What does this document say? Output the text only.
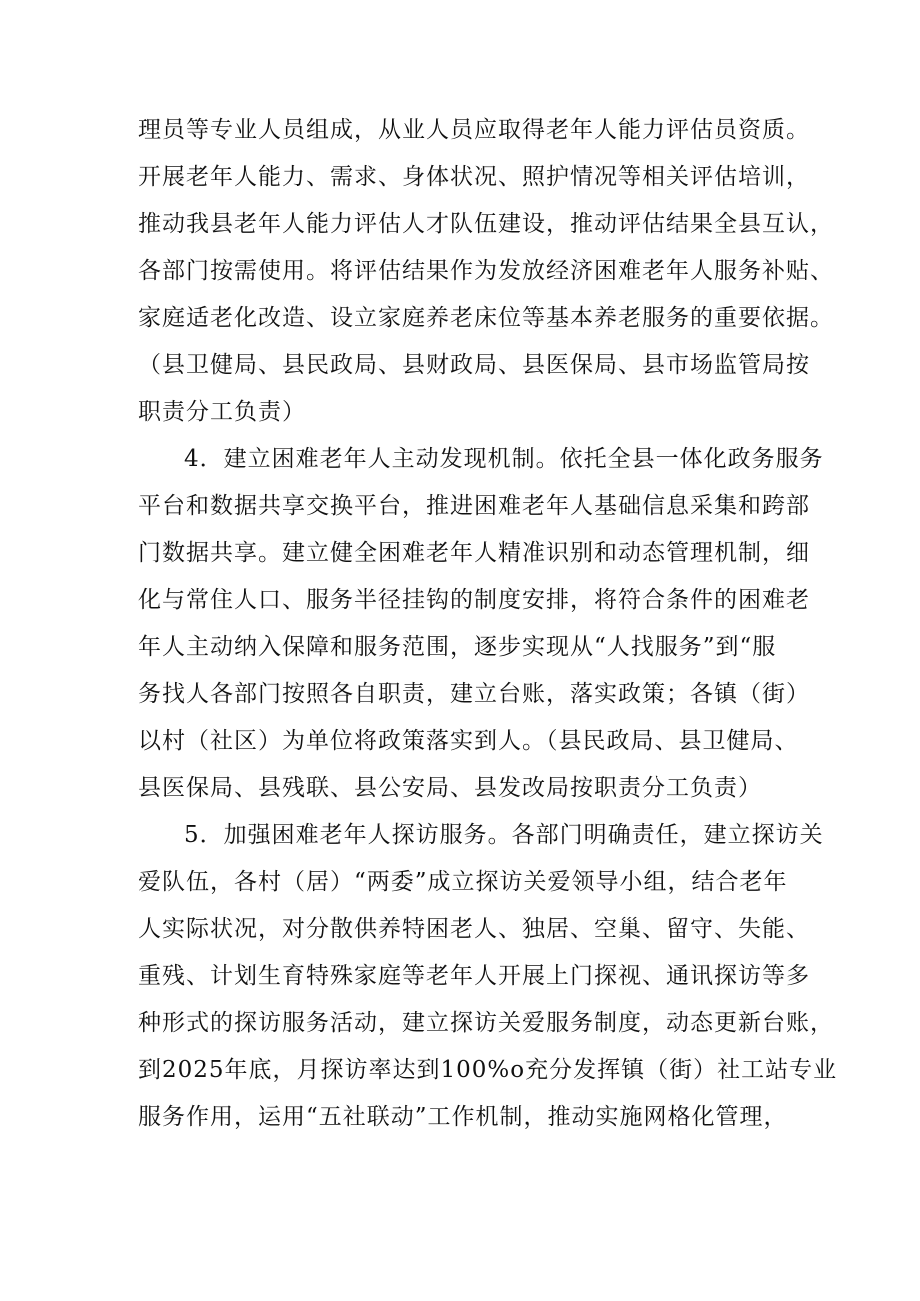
理员等专业人员组成，从业人员应取得老年人能力评估员资质。
开展老年人能力、需求、身体状况、照护情况等相关评估培训，
推动我县老年人能力评估人才队伍建设，推动评估结果全县互认，
各部门按需使用。将评估结果作为发放经济困难老年人服务补贴、
家庭适老化改造、设立家庭养老床位等基本养老服务的重要依据。
（县卫健局、县民政局、县财政局、县医保局、县市场监管局按
职责分工负责）
4．建立困难老年人主动发现机制。依托全县一体化政务服务
平台和数据共享交换平台，推进困难老年人基础信息采集和跨部
门数据共享。建立健全困难老年人精准识别和动态管理机制，细
化与常住人口、服务半径挂钩的制度安排，将符合条件的困难老
年人主动纳入保障和服务范围，逐步实现从“人找服务”到“服
务找人各部门按照各自职责，建立台账，落实政策；各镇（街）
以村（社区）为单位将政策落实到人。（县民政局、县卫健局、
县医保局、县残联、县公安局、县发改局按职责分工负责）
5．加强困难老年人探访服务。各部门明确责任，建立探访关
爱队伍，各村（居）“两委”成立探访关爱领导小组，结合老年
人实际状况，对分散供养特困老人、独居、空巢、留守、失能、
重残、计划生育特殊家庭等老年人开展上门探视、通讯探访等多
种形式的探访服务活动，建立探访关爱服务制度，动态更新台账，
到2025年底，月探访率达到100%o充分发挥镇（街）社工站专业
服务作用，运用“五社联动”工作机制，推动实施网格化管理，
